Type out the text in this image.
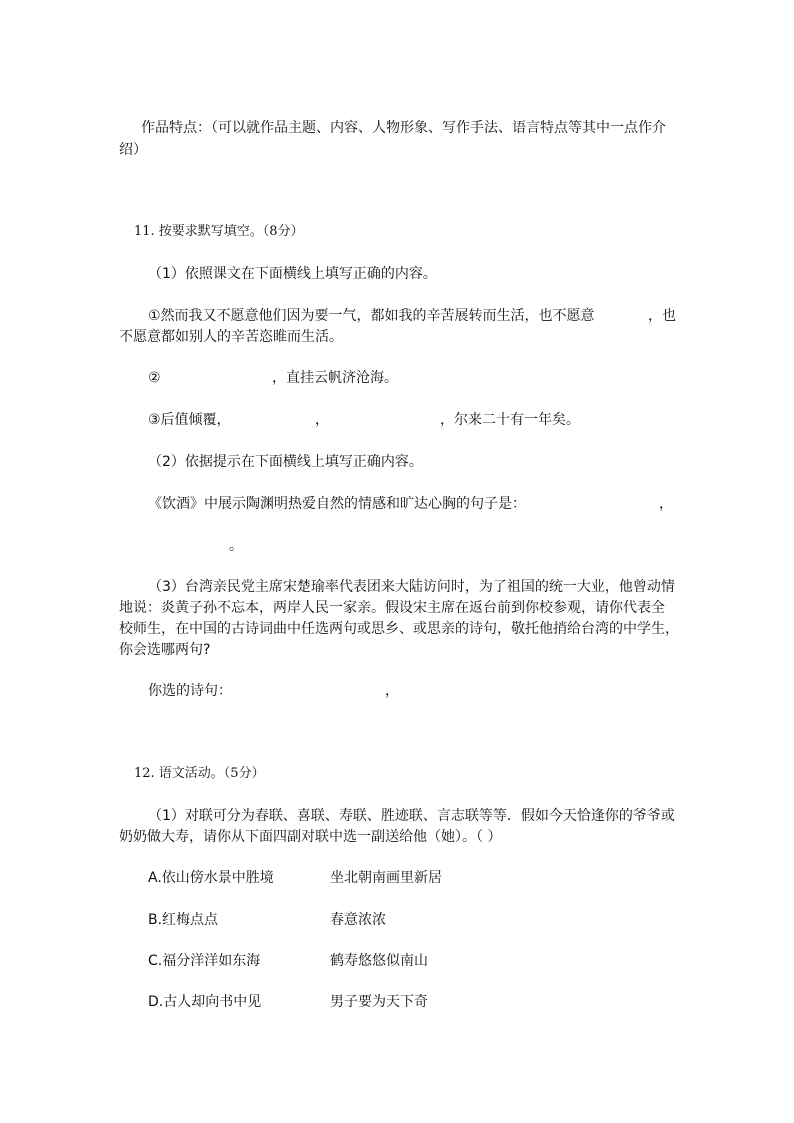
作品特点：（可以就作品主题、内容、人物形象、写作手法、语言特点等其中一点作介
绍）
11. 按要求默写填空。（8分）
（1）依照课文在下面横线上填写正确的内容。
①然而我又不愿意他们因为要一气，都如我的辛苦展转而生活，也不愿意	，也
不愿意都如别人的辛苦恣睢而生活。
②	，直挂云帆济沧海。
③后值倾覆，	，	，尔来二十有一年矣。
（2）依据提示在下面横线上填写正确内容。
《饮酒》中展示陶渊明热爱自然的情感和旷达心胸的句子是：	，
。
（3）台湾亲民党主席宋楚瑜率代表团来大陆访问时，为了祖国的统一大业，他曾动情
地说：炎黄子孙不忘本，两岸人民一家亲。假设宋主席在返台前到你校参观，请你代表全
校师生，在中国的古诗词曲中任选两句或思乡、或思亲的诗句，敬托他捎给台湾的中学生，
你会选哪两句?
你选的诗句：	，
12. 语文活动。（5分）
（1）对联可分为春联、喜联、寿联、胜迹联、言志联等等．假如今天恰逢你的爷爷或
奶奶做大寿，请你从下面四副对联中选一副送给他（她）。（ ）
A.依山傍水景中胜境	坐北朝南画里新居
B.红梅点点	春意浓浓
C.福分洋洋如东海	鹤寿悠悠似南山
D.古人却向书中见	男子要为天下奇
